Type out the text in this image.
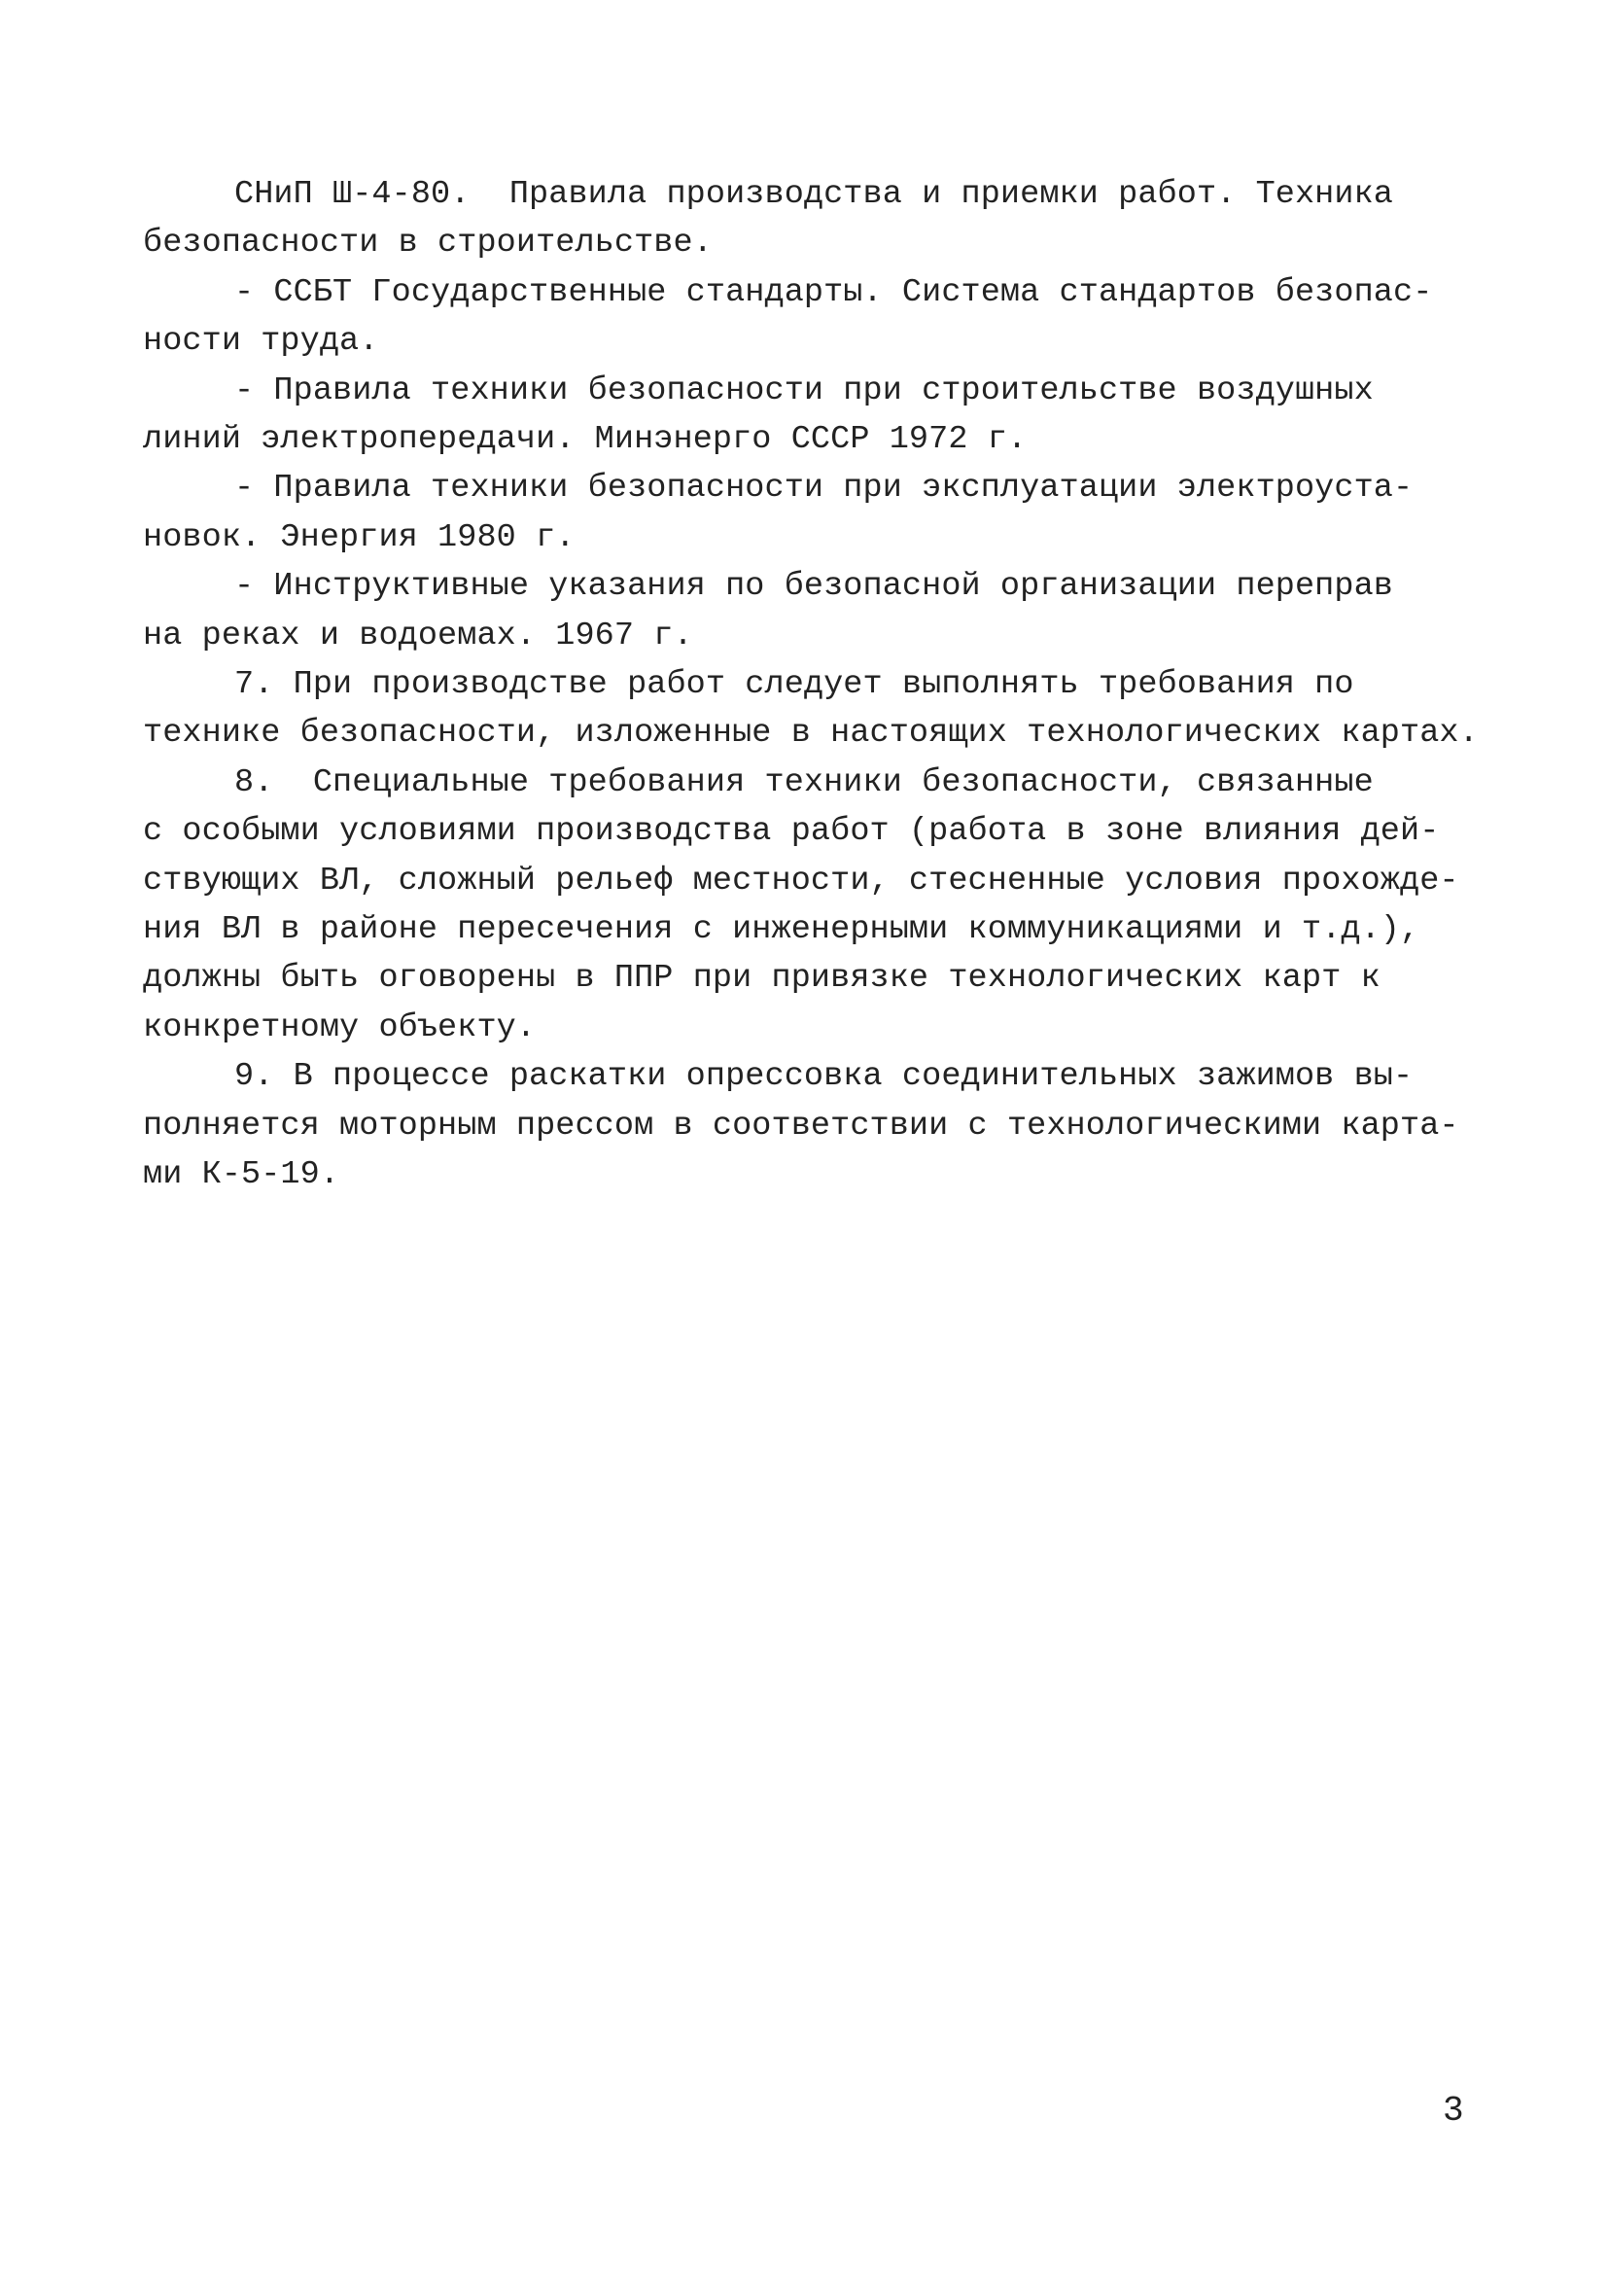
СНиП Ш-4-80.  Правила производства и приемки работ. Техника
безопасности в строительстве.
- ССБТ Государственные стандарты. Система стандартов безопас-
ности труда.
- Правила техники безопасности при строительстве воздушных
линий электропередачи. Минэнерго СССР 1972 г.
- Правила техники безопасности при эксплуатации электроуста-
новок. Энергия 1980 г.
- Инструктивные указания по безопасной организации переправ
на реках и водоемах. 1967 г.
7. При производстве работ следует выполнять требования по
технике безопасности, изложенные в настоящих технологических картах.
8.  Специальные требования техники безопасности, связанные
с особыми условиями производства работ (работа в зоне влияния дей-
ствующих ВЛ, сложный рельеф местности, стесненные условия прохожде-
ния ВЛ в районе пересечения с инженерными коммуникациями и т.д.),
должны быть оговорены в ППР при привязке технологических карт к
конкретному объекту.
9. В процессе раскатки опрессовка соединительных зажимов вы-
полняется моторным прессом в соответствии с технологическими карта-
ми К-5-19.
3
